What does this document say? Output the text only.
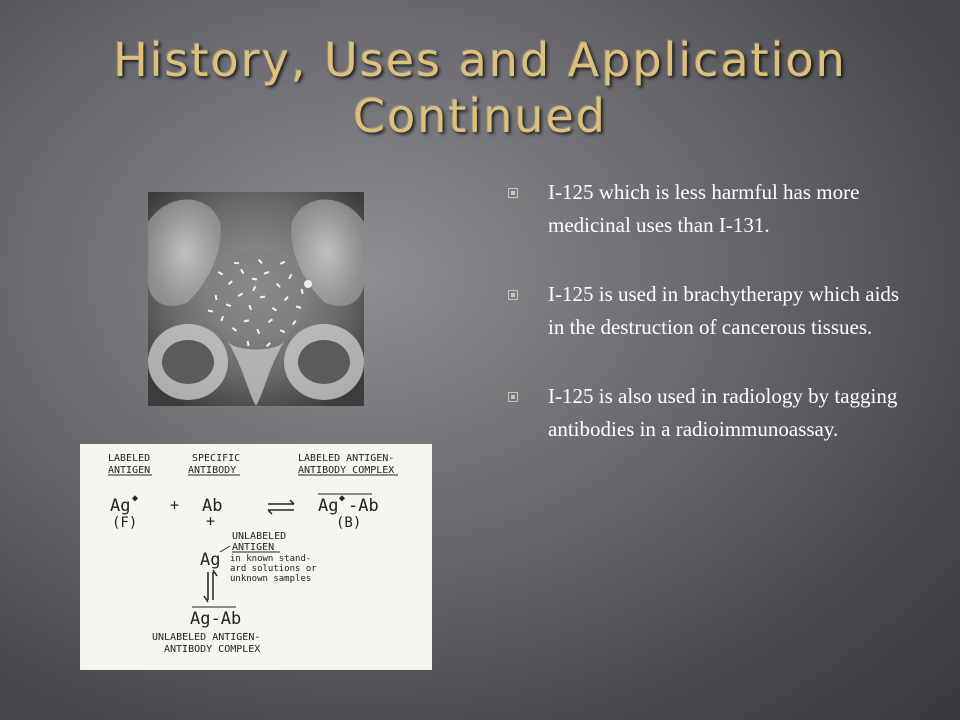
History, Uses and Application
Continued
LABELED
ANTIGEN
SPECIFIC
ANTIBODY
LABELED ANTIGEN-
ANTIBODY COMPLEX
Ag ◆ + Ab	Ag ◆ -Ab
(F)	+	(B)
UNLABELED
ANTIGEN
Ag in known stand-
ard solutions or
unknown samples
Ag-Ab
UNLABELED ANTIGEN-
ANTIBODY COMPLEX
I-125 which is less harmful has more medicinal uses than I-131.
I-125 is used in brachytherapy which aids in the destruction of cancerous tissues.
I-125 is also used in radiology by tagging antibodies in a radioimmunoassay.
